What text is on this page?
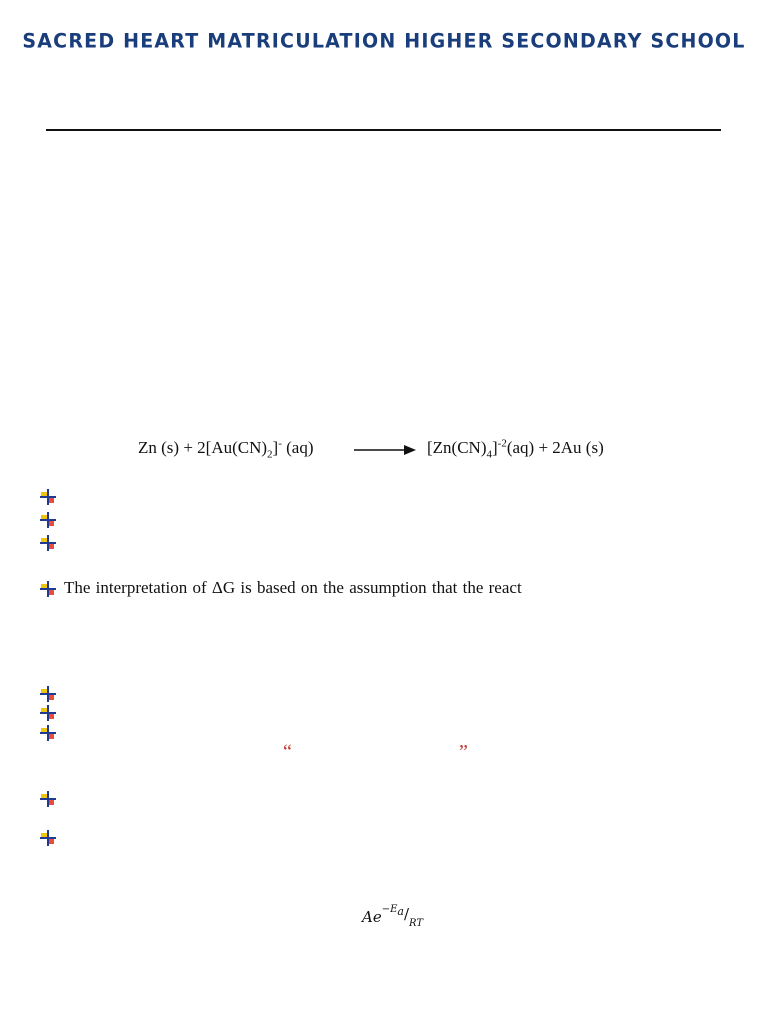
SACRED HEART MATRICULATION HIGHER SECONDARY SCHOOL
Zn $(s) + 2[Au(CN)_2]^-$ (aq)	→ $[Zn(CN)_4]^{-2}(aq) + 2Au$ (s)
The interpretation of ΔG is based on the assumption that the react
“	”
$Ae^{-E_a}/_{RT}$
